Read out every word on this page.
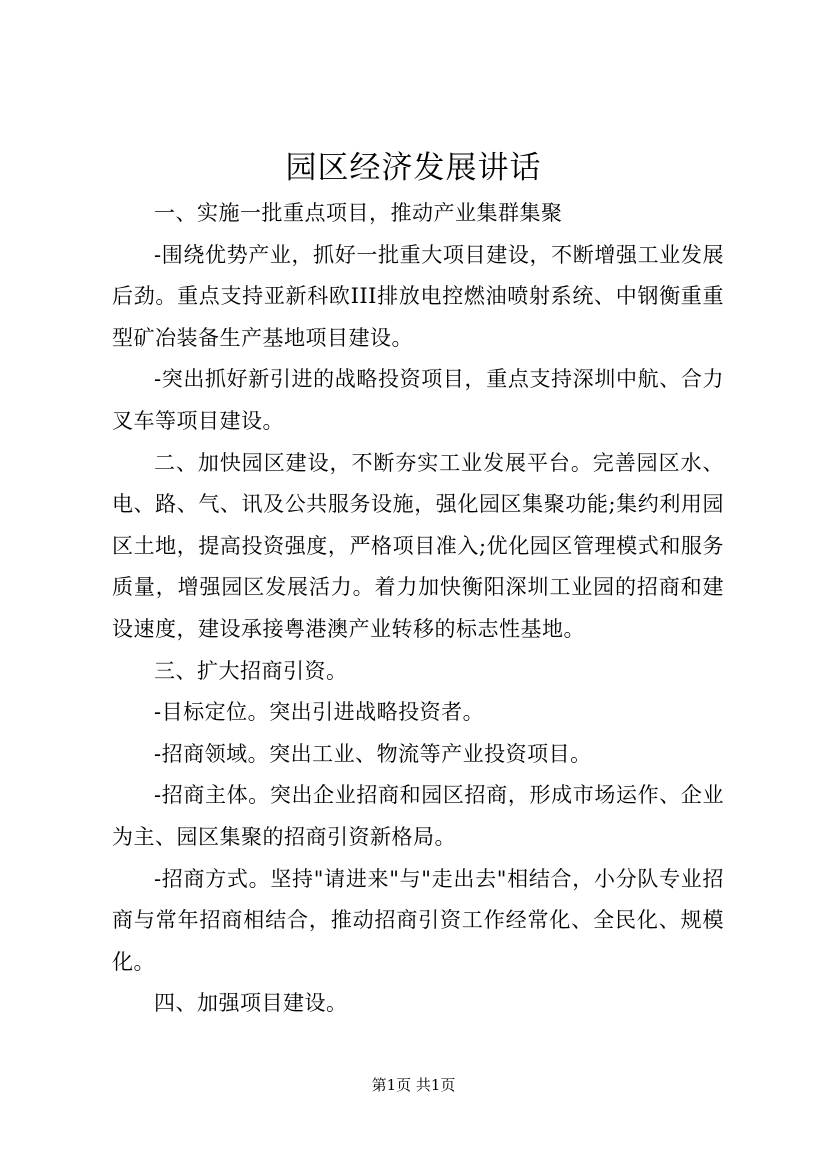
园区经济发展讲话

一、实施一批重点项目，推动产业集群集聚

-围绕优势产业，抓好一批重大项目建设，不断增强工业发展后劲。重点支持亚新科欧III排放电控燃油喷射系统、中钢衡重重型矿冶装备生产基地项目建设。

-突出抓好新引进的战略投资项目，重点支持深圳中航、合力叉车等项目建设。

二、加快园区建设，不断夯实工业发展平台。完善园区水、电、路、气、讯及公共服务设施，强化园区集聚功能;集约利用园区土地，提高投资强度，严格项目准入;优化园区管理模式和服务质量，增强园区发展活力。着力加快衡阳深圳工业园的招商和建设速度，建设承接粤港澳产业转移的标志性基地。

三、扩大招商引资。

-目标定位。突出引进战略投资者。

-招商领域。突出工业、物流等产业投资项目。

-招商主体。突出企业招商和园区招商，形成市场运作、企业为主、园区集聚的招商引资新格局。

-招商方式。坚持"请进来"与"走出去"相结合，小分队专业招商与常年招商相结合，推动招商引资工作经常化、全民化、规模化。

四、加强项目建设。

第1页 共1页
